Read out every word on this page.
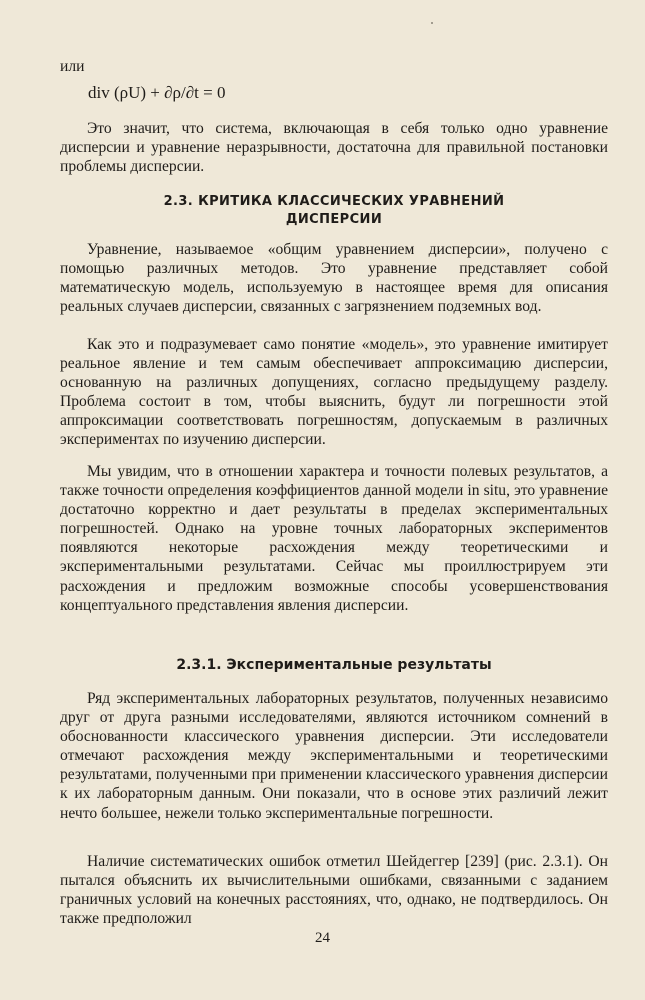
или

div (ρU) + ∂ρ/∂t = 0

Это значит, что система, включающая в себя только одно уравнение дисперсии и уравнение неразрывности, достаточна для правильной постановки проблемы дисперсии.

2.3. КРИТИКА КЛАССИЧЕСКИХ УРАВНЕНИЙ
ДИСПЕРСИИ

Уравнение, называемое «общим уравнением дисперсии», получено с помощью различных методов. Это уравнение представляет собой математическую модель, используемую в настоящее время для описания реальных случаев дисперсии, связанных с загрязнением подземных вод.

Как это и подразумевает само понятие «модель», это уравнение имитирует реальное явление и тем самым обеспечивает аппроксимацию дисперсии, основанную на различных допущениях, согласно предыдущему разделу. Проблема состоит в том, чтобы выяснить, будут ли погрешности этой аппроксимации соответствовать погрешностям, допускаемым в различных экспериментах по изучению дисперсии.

Мы увидим, что в отношении характера и точности полевых результатов, а также точности определения коэффициентов данной модели in situ, это уравнение достаточно корректно и дает результаты в пределах экспериментальных погрешностей. Однако на уровне точных лабораторных экспериментов появляются некоторые расхождения между теоретическими и экспериментальными результатами. Сейчас мы проиллюстрируем эти расхождения и предложим возможные способы усовершенствования концептуального представления явления дисперсии.

2.3.1. Экспериментальные результаты

Ряд экспериментальных лабораторных результатов, полученных независимо друг от друга разными исследователями, являются источником сомнений в обоснованности классического уравнения дисперсии. Эти исследователи отмечают расхождения между экспериментальными и теоретическими результатами, полученными при применении классического уравнения дисперсии к их лабораторным данным. Они показали, что в основе этих различий лежит нечто большее, нежели только экспериментальные погрешности.

Наличие систематических ошибок отметил Шейдеггер [239] (рис. 2.3.1). Он пытался объяснить их вычислительными ошибками, связанными с заданием граничных условий на конечных расстояниях, что, однако, не подтвердилось. Он также предположил

24
